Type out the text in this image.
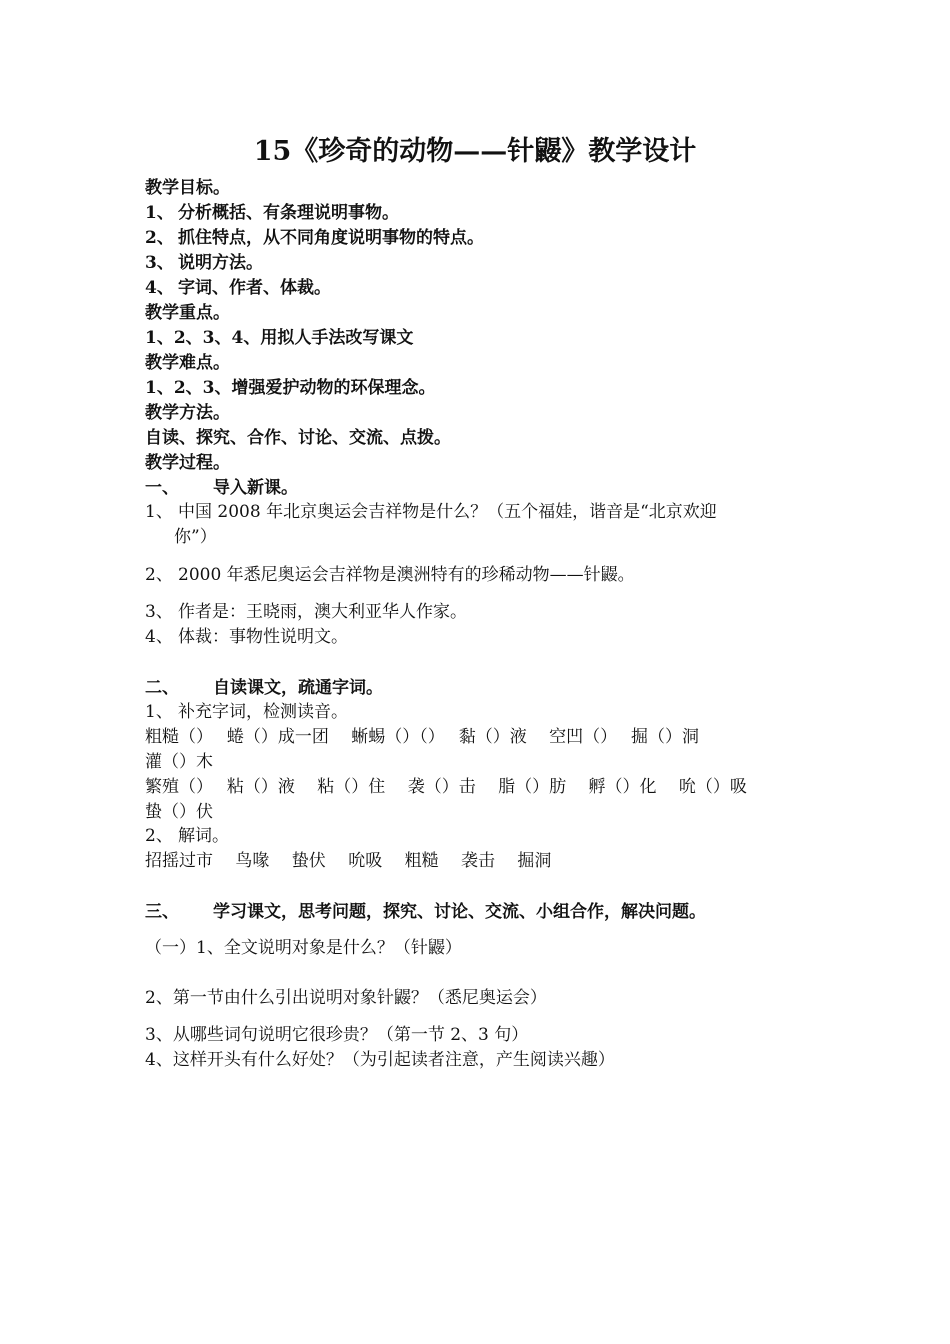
15《珍奇的动物——针鼹》教学设计
教学目标。
1、 分析概括、有条理说明事物。
2、 抓住特点，从不同角度说明事物的特点。
3、 说明方法。
4、 字词、作者、体裁。
教学重点。
1、2、3、4、用拟人手法改写课文
教学难点。
1、2、3、增强爱护动物的环保理念。
教学方法。
自读、探究、合作、讨论、交流、点拨。
教学过程。
一、 导入新课。
1、 中国 2008 年北京奥运会吉祥物是什么？（五个福娃，谐音是“北京欢迎
你”）
2、 2000 年悉尼奥运会吉祥物是澳洲特有的珍稀动物——针鼹。
3、 作者是：王晓雨，澳大利亚华人作家。
4、 体裁：事物性说明文。
二、 自读课文，疏通字词。
1、 补充字词，检测读音。
粗糙（）　 蜷（）成一团　 蜥蜴（）（）　 黏（）液　 空凹（）　 掘（）洞
灌（）木
繁殖（）　 粘（）液　 粘（）住　 袭（）击　 脂（）肪　 孵（）化　 吮（）吸
蛰（）伏
2、 解词。
招摇过市　 鸟喙　 蛰伏　 吮吸　 粗糙　 袭击　 掘洞
三、 学习课文，思考问题，探究、讨论、交流、小组合作，解决问题。
（一）1、全文说明对象是什么？（针鼹）
2、第一节由什么引出说明对象针鼹？（悉尼奥运会）
3、从哪些词句说明它很珍贵？（第一节 2、3 句）
4、这样开头有什么好处？（为引起读者注意，产生阅读兴趣）
